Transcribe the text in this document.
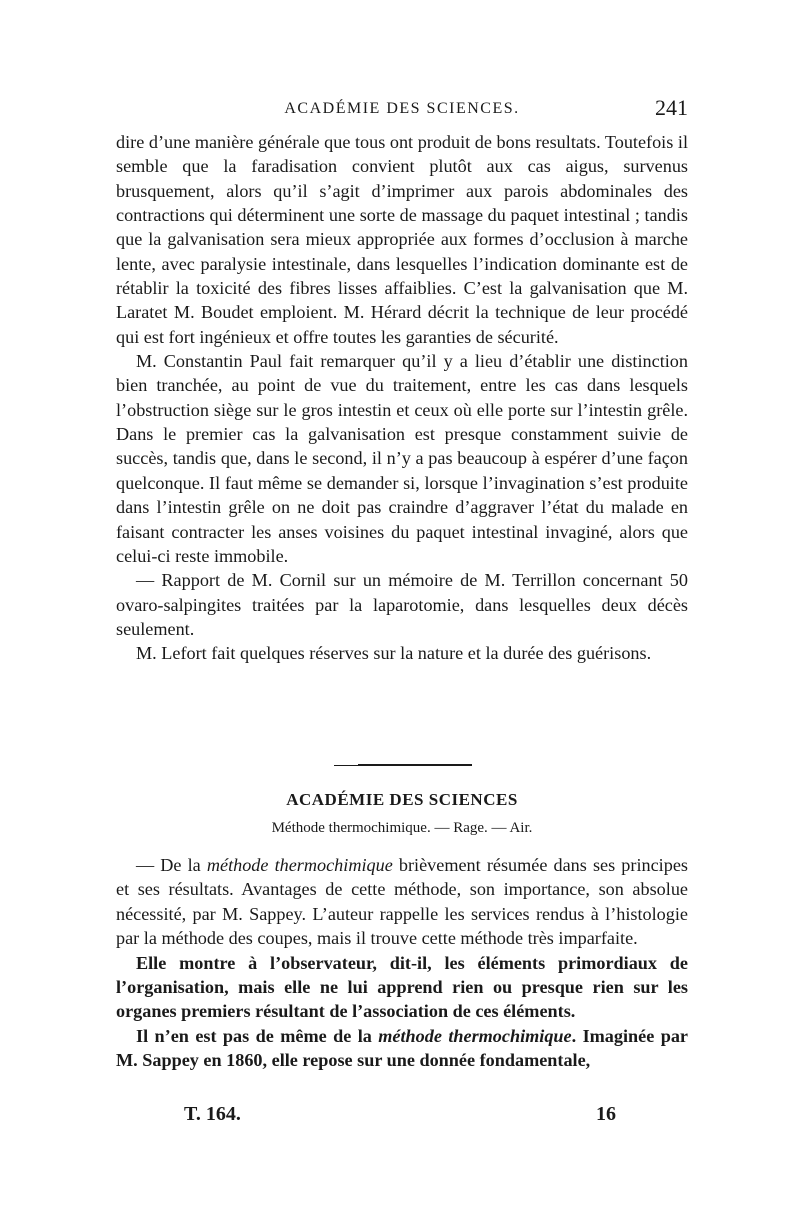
ACADÉMIE DES SCIENCES.	241

dire d’une manière générale que tous ont produit de bons resultats. Toutefois il semble que la faradisation convient plutôt aux cas aigus, survenus brusquement, alors qu’il s’agit d’imprimer aux parois abdominales des contractions qui déterminent une sorte de massage du paquet intestinal ; tandis que la galvanisation sera mieux appropriée aux formes d’occlusion à marche lente, avec paralysie intestinale, dans lesquelles l’indication dominante est de rétablir la toxicité des fibres lisses affaiblies. C’est la galvanisation que M. Laratet M. Boudet emploient. M. Hérard décrit la technique de leur procédé qui est fort ingénieux et offre toutes les garanties de sécurité.

M. Constantin Paul fait remarquer qu’il y a lieu d’établir une distinction bien tranchée, au point de vue du traitement, entre les cas dans lesquels l’obstruction siège sur le gros intestin et ceux où elle porte sur l’intestin grêle. Dans le premier cas la galvanisation est presque constamment suivie de succès, tandis que, dans le second, il n’y a pas beaucoup à espérer d’une façon quelconque. Il faut même se demander si, lorsque l’invagination s’est produite dans l’intestin grêle on ne doit pas craindre d’aggraver l’état du malade en faisant contracter les anses voisines du paquet intestinal invaginé, alors que celui-ci reste immobile.

— Rapport de M. Cornil sur un mémoire de M. Terrillon concernant 50 ovaro-salpingites traitées par la laparotomie, dans lesquelles deux décès seulement.

M. Lefort fait quelques réserves sur la nature et la durée des guérisons.

ACADÉMIE DES SCIENCES
Méthode thermochimique. — Rage. — Air.

— De la méthode thermochimique brièvement résumée dans ses principes et ses résultats. Avantages de cette méthode, son importance, son absolue nécessité, par M. Sappey. L’auteur rappelle les services rendus à l’histologie par la méthode des coupes, mais il trouve cette méthode très imparfaite.

Elle montre à l’observateur, dit-il, les éléments primordiaux de l’organisation, mais elle ne lui apprend rien ou presque rien sur les organes premiers résultant de l’association de ces éléments.

Il n’en est pas de même de la méthode thermochimique. Imaginée par M. Sappey en 1860, elle repose sur une donnée fondamentale,

T. 164.	16
